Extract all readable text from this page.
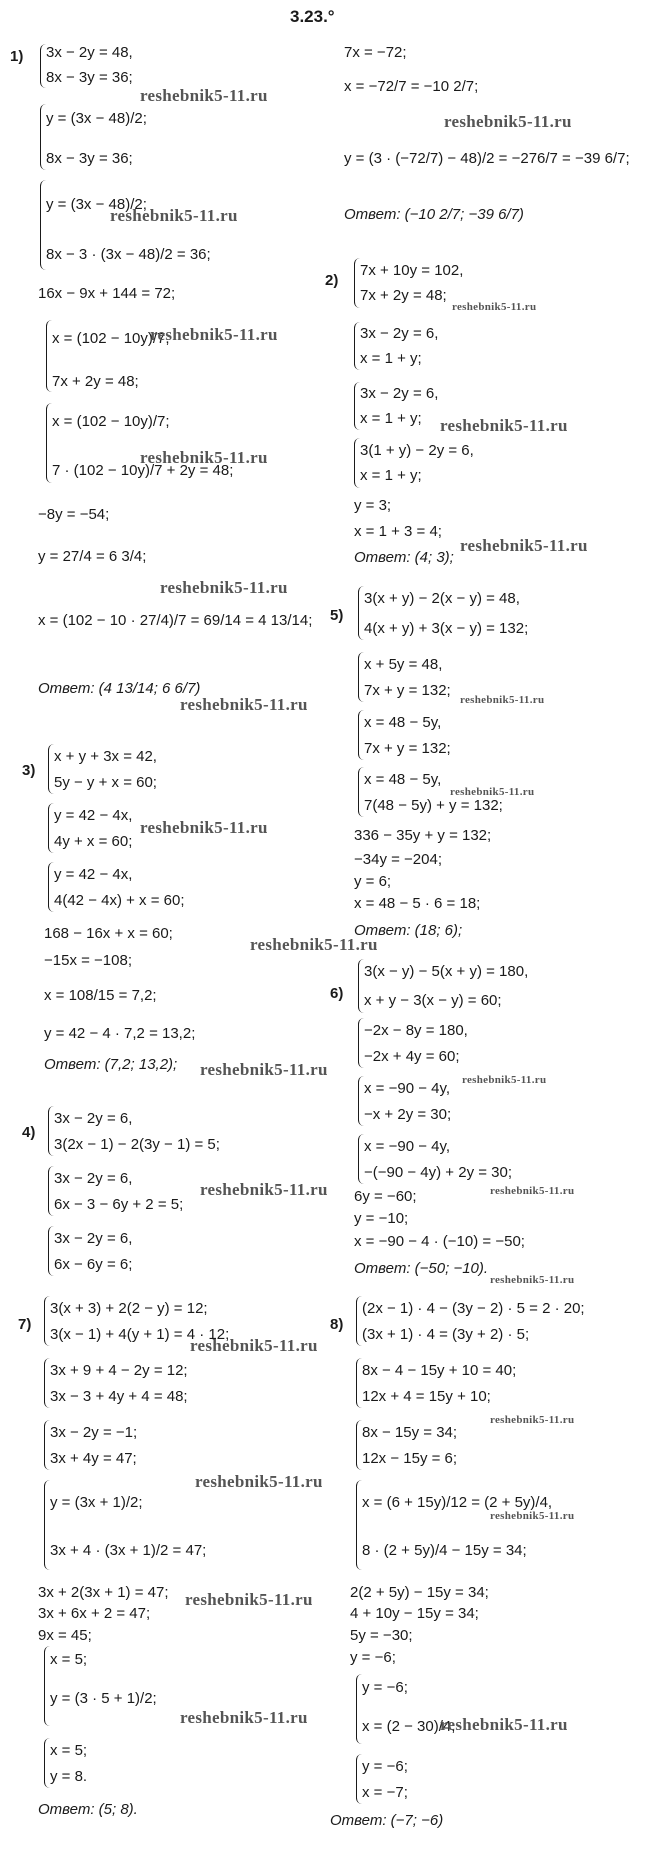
3.23.°
1) 3x − 2y = 48,
8x − 3y = 36;
y = (3x − 48)/2;
8x − 3y = 36;
y = (3x − 48)/2;
8x − 3 · (3x − 48)/2 = 36;
16x − 9x + 144 = 72;
x = (102 − 10y)/7,
7x + 2y = 48;
x = (102 − 10y)/7;
7 · (102 − 10y)/7 + 2y = 48;
−8y = −54;
y = 27/4 = 6 3/4;
x = (102 − 10 · 27/4)/7 = 69/14 = 4 13/14;
Ответ: (4 13/14; 6 6/7)
7x = −72;
x = −72/7 = −10 2/7;
y = (3 · (−72/7) − 48)/2 = −276/7 = −39 6/7;
Ответ: (−10 2/7; −39 6/7)
2)
7x + 10y = 102,
7x + 2y = 48;
3x − 2y = 6,
x = 1 + y;
3x − 2y = 6,
x = 1 + y;
3(1 + y) − 2y = 6,
x = 1 + y;
y = 3;
x = 1 + 3 = 4;
Ответ: (4; 3);
5)
3(x + y) − 2(x − y) = 48,
4(x + y) + 3(x − y) = 132;
x + 5y = 48,
7x + y = 132;
x = 48 − 5y,
7x + y = 132;
x = 48 − 5y,
7(48 − 5y) + y = 132;
336 − 35y + y = 132;
−34y = −204;
y = 6;
x = 48 − 5 · 6 = 18;
Ответ: (18; 6);
3)
x + y + 3x = 42,
5y − y + x = 60;
y = 42 − 4x,
4y + x = 60;
y = 42 − 4x,
4(42 − 4x) + x = 60;
168 − 16x + x = 60;
−15x = −108;
x = 108/15 = 7,2;
y = 42 − 4 · 7,2 = 13,2;
Ответ: (7,2; 13,2);
6)
3(x − y) − 5(x + y) = 180,
x + y − 3(x − y) = 60;
−2x − 8y = 180,
−2x + 4y = 60;
x = −90 − 4y,
−x + 2y = 30;
x = −90 − 4y,
−(−90 − 4y) + 2y = 30;
6y = −60;
y = −10;
x = −90 − 4 · (−10) = −50;
Ответ: (−50; −10).
4)
3x − 2y = 6,
3(2x − 1) − 2(3y − 1) = 5;
3x − 2y = 6,
6x − 3 − 6y + 2 = 5;
3x − 2y = 6,
6x − 6y = 6;
7)
3(x + 3) + 2(2 − y) = 12;
3(x − 1) + 4(y + 1) = 4 · 12;
3x + 9 + 4 − 2y = 12;
3x − 3 + 4y + 4 = 48;
3x − 2y = −1;
3x + 4y = 47;
y = (3x + 1)/2;
3x + 4 · (3x + 1)/2 = 47;
3x + 2(3x + 1) = 47;
3x + 6x + 2 = 47;
9x = 45;
x = 5;
y = (3 · 5 + 1)/2;
x = 5;
y = 8.
Ответ: (5; 8).
8)
(2x − 1) · 4 − (3y − 2) · 5 = 2 · 20;
(3x + 1) · 4 = (3y + 2) · 5;
8x − 4 − 15y + 10 = 40;
12x + 4 = 15y + 10;
8x − 15y = 34;
12x − 15y = 6;
x = (6 + 15y)/12 = (2 + 5y)/4,
8 · (2 + 5y)/4 − 15y = 34;
2(2 + 5y) − 15y = 34;
4 + 10y − 15y = 34;
5y = −30;
y = −6;
y = −6;
x = (2 − 30)/4;
y = −6;
x = −7;
Ответ: (−7; −6)
reshebnik5-11.ru
reshebnik5-11.ru
reshebnik5-11.ru
reshebnik5-11.ru
reshebnik5-11.ru
reshebnik5-11.ru
reshebnik5-11.ru
reshebnik5-11.ru
reshebnik5-11.ru
reshebnik5-11.ru
reshebnik5-11.ru
reshebnik5-11.ru
reshebnik5-11.ru
reshebnik5-11.ru
reshebnik5-11.ru
reshebnik5-11.ru
reshebnik5-11.ru
reshebnik5-11.ru
reshebnik5-11.ru
reshebnik5-11.ru
reshebnik5-11.ru
reshebnik5-11.ru
reshebnik5-11.ru
reshebnik5-11.ru
reshebnik5-11.ru
reshebnik5-11.ru
